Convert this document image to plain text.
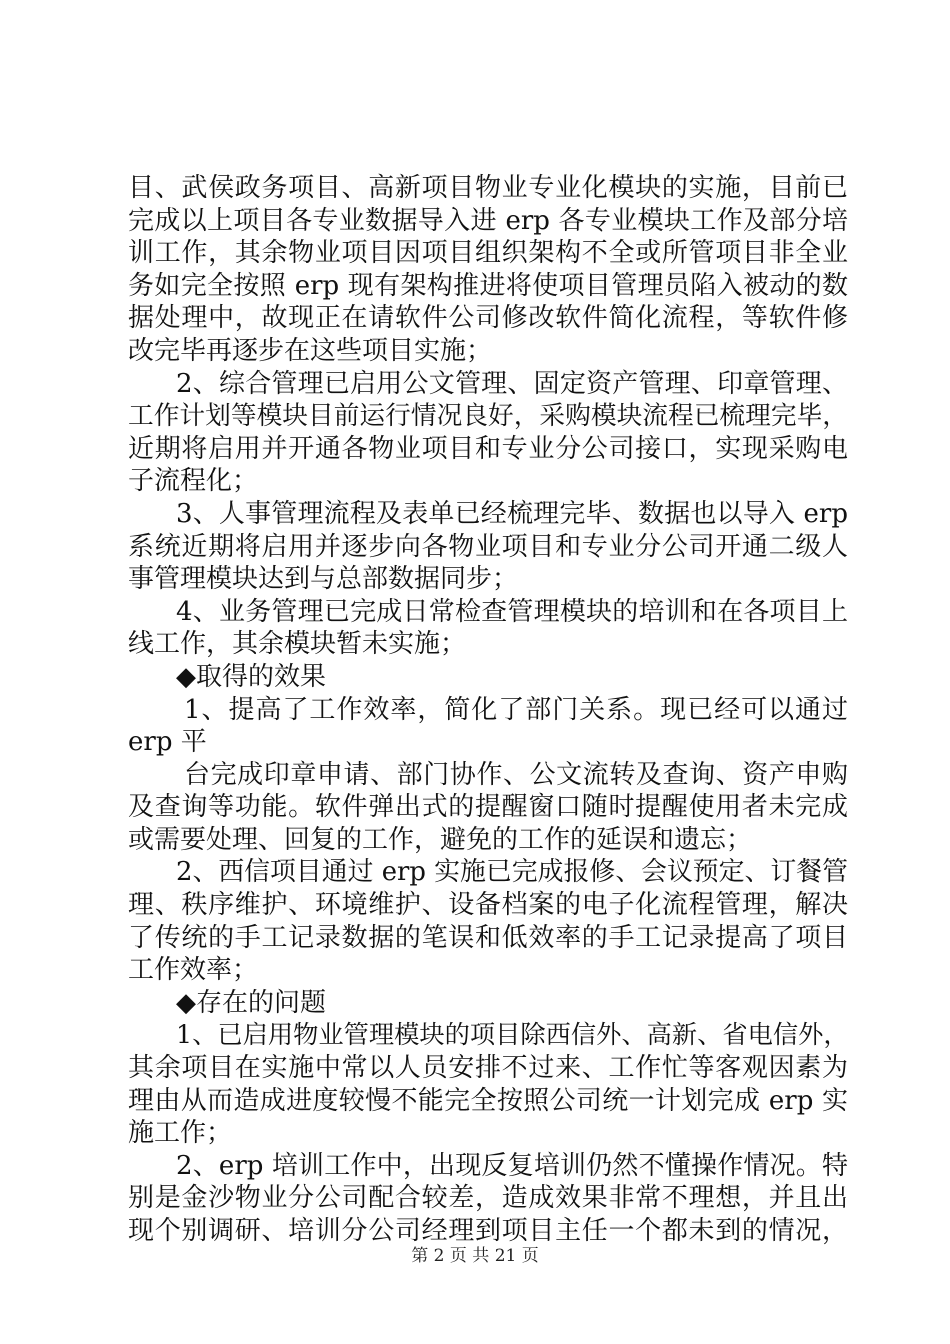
目、武侯政务项目、高新项目物业专业化模块的实施，目前已
完成以上项目各专业数据导入进 erp 各专业模块工作及部分培
训工作，其余物业项目因项目组织架构不全或所管项目非全业
务如完全按照 erp 现有架构推进将使项目管理员陷入被动的数
据处理中，故现正在请软件公司修改软件简化流程，等软件修
改完毕再逐步在这些项目实施；
2、综合管理已启用公文管理、固定资产管理、印章管理、
工作计划等模块目前运行情况良好，采购模块流程已梳理完毕，
近期将启用并开通各物业项目和专业分公司接口，实现采购电
子流程化；
3、人事管理流程及表单已经梳理完毕、数据也以导入 erp
系统近期将启用并逐步向各物业项目和专业分公司开通二级人
事管理模块达到与总部数据同步；
4、业务管理已完成日常检查管理模块的培训和在各项目上
线工作，其余模块暂未实施；
◆取得的效果
1、提高了工作效率，简化了部门关系。现已经可以通过
erp 平
台完成印章申请、部门协作、公文流转及查询、资产申购
及查询等功能。软件弹出式的提醒窗口随时提醒使用者未完成
或需要处理、回复的工作，避免的工作的延误和遗忘；
2、西信项目通过 erp 实施已完成报修、会议预定、订餐管
理、秩序维护、环境维护、设备档案的电子化流程管理，解决
了传统的手工记录数据的笔误和低效率的手工记录提高了项目
工作效率；
◆存在的问题
1、已启用物业管理模块的项目除西信外、高新、省电信外，
其余项目在实施中常以人员安排不过来、工作忙等客观因素为
理由从而造成进度较慢不能完全按照公司统一计划完成 erp 实
施工作；
2、erp 培训工作中，出现反复培训仍然不懂操作情况。特
别是金沙物业分公司配合较差，造成效果非常不理想，并且出
现个别调研、培训分公司经理到项目主任一个都未到的情况，
第 2 页 共 21 页
